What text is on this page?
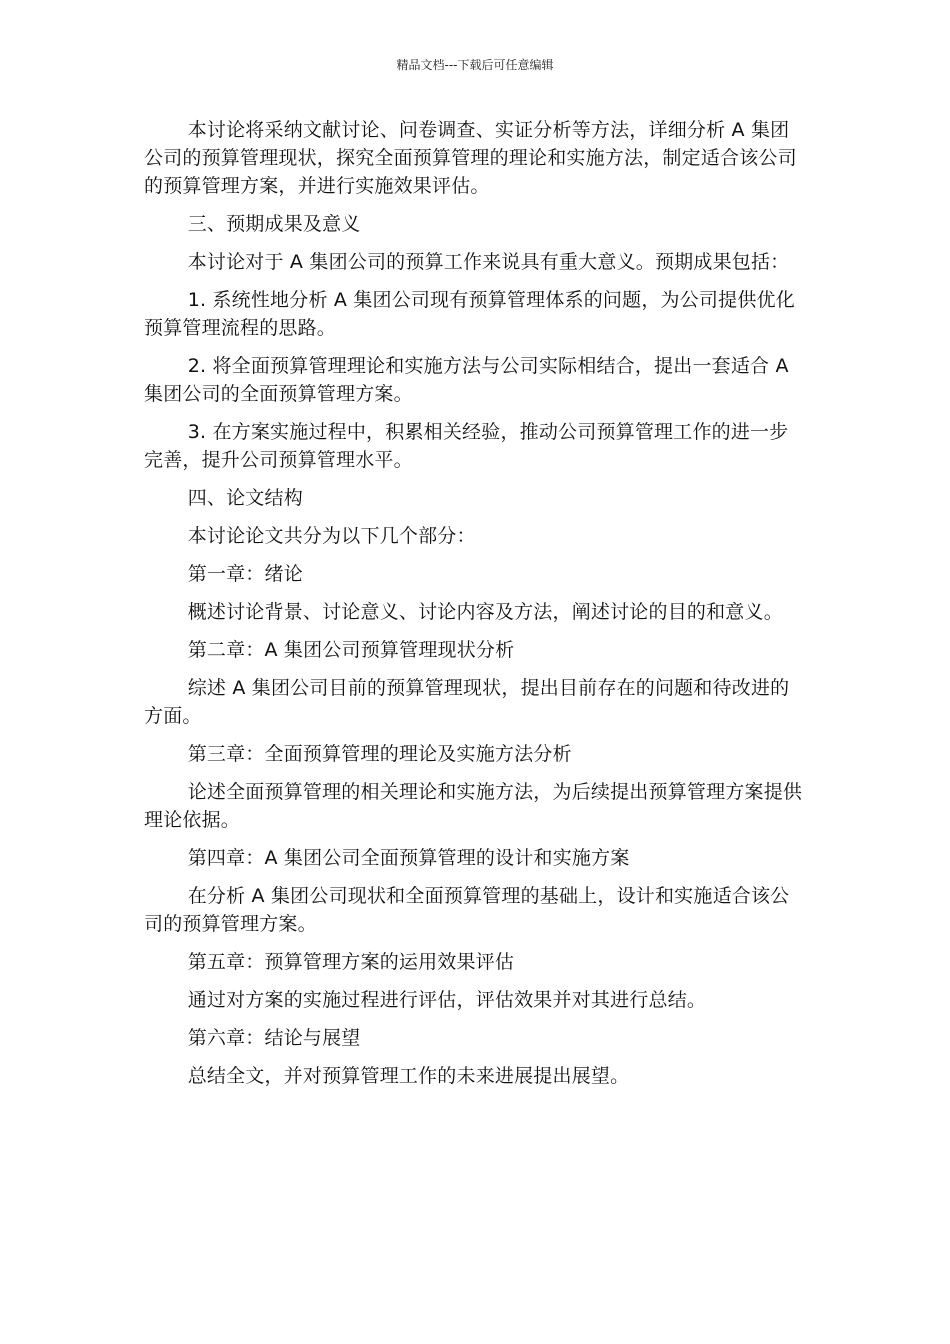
精品文档---下载后可任意编辑

本讨论将采纳文献讨论、问卷调查、实证分析等方法，详细分析 A 集团公司的预算管理现状，探究全面预算管理的理论和实施方法，制定适合该公司的预算管理方案，并进行实施效果评估。

三、预期成果及意义

本讨论对于 A 集团公司的预算工作来说具有重大意义。预期成果包括：

1. 系统性地分析 A 集团公司现有预算管理体系的问题，为公司提供优化预算管理流程的思路。

2. 将全面预算管理理论和实施方法与公司实际相结合，提出一套适合 A 集团公司的全面预算管理方案。

3. 在方案实施过程中，积累相关经验，推动公司预算管理工作的进一步完善，提升公司预算管理水平。

四、论文结构

本讨论论文共分为以下几个部分：

第一章：绪论

概述讨论背景、讨论意义、讨论内容及方法，阐述讨论的目的和意义。

第二章：A 集团公司预算管理现状分析

综述 A 集团公司目前的预算管理现状，提出目前存在的问题和待改进的方面。

第三章：全面预算管理的理论及实施方法分析

论述全面预算管理的相关理论和实施方法，为后续提出预算管理方案提供理论依据。

第四章：A 集团公司全面预算管理的设计和实施方案

在分析 A 集团公司现状和全面预算管理的基础上，设计和实施适合该公司的预算管理方案。

第五章：预算管理方案的运用效果评估

通过对方案的实施过程进行评估，评估效果并对其进行总结。

第六章：结论与展望

总结全文，并对预算管理工作的未来进展提出展望。
